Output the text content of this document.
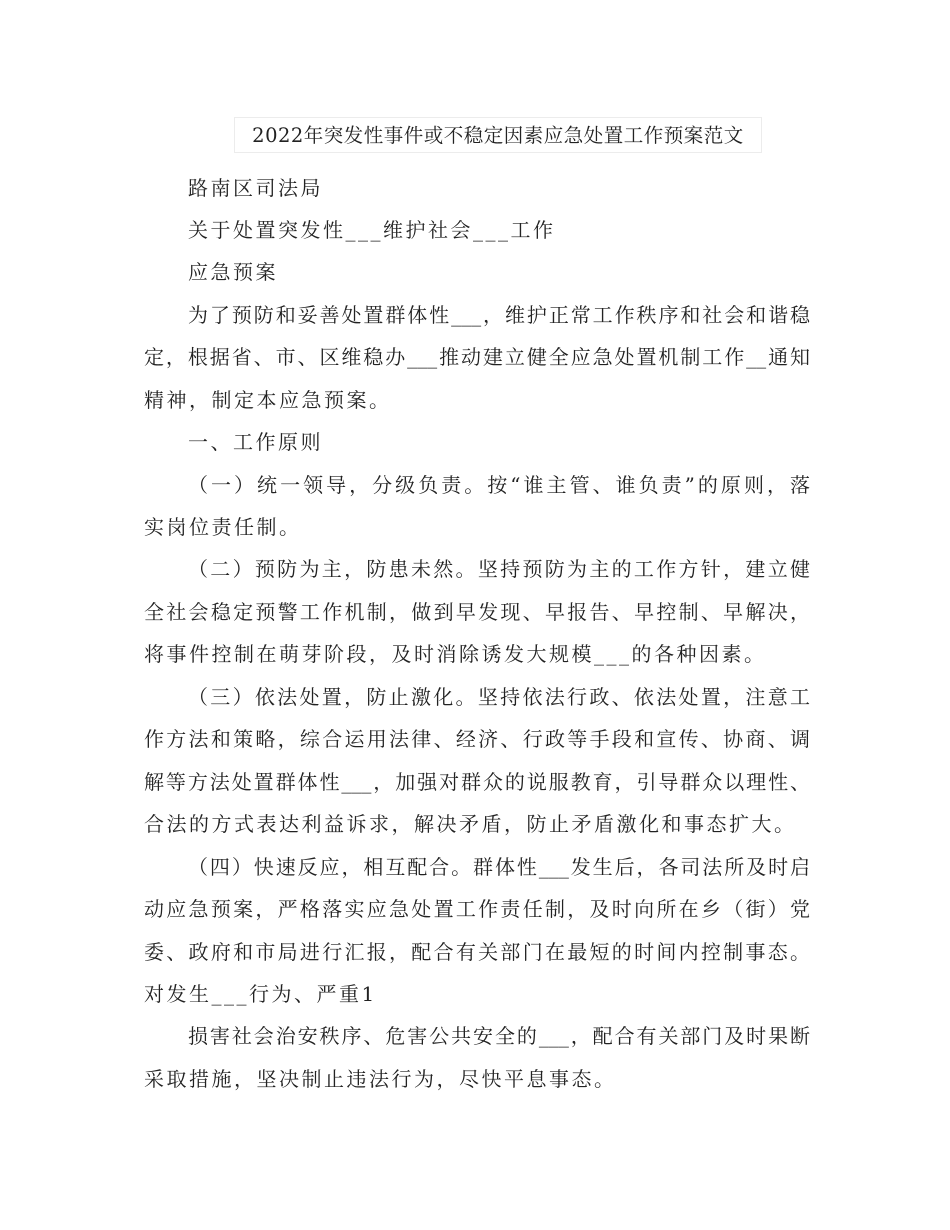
2022年突发性事件或不稳定因素应急处置工作预案范文
路南区司法局
关于处置突发性___维护社会___工作
应急预案
为了预防和妥善处置群体性___，维护正常工作秩序和社会和谐稳
定，根据省、市、区维稳办___推动建立健全应急处置机制工作__通知
精神，制定本应急预案。
一、工作原则
（一）统一领导，分级负责。按“谁主管、谁负责”的原则，落
实岗位责任制。
（二）预防为主，防患未然。坚持预防为主的工作方针，建立健
全社会稳定预警工作机制，做到早发现、早报告、早控制、早解决，
将事件控制在萌芽阶段，及时消除诱发大规模___的各种因素。
（三）依法处置，防止激化。坚持依法行政、依法处置，注意工
作方法和策略，综合运用法律、经济、行政等手段和宣传、协商、调
解等方法处置群体性___，加强对群众的说服教育，引导群众以理性、
合法的方式表达利益诉求，解决矛盾，防止矛盾激化和事态扩大。
（四）快速反应，相互配合。群体性___发生后，各司法所及时启
动应急预案，严格落实应急处置工作责任制，及时向所在乡（街）党
委、政府和市局进行汇报，配合有关部门在最短的时间内控制事态。
对发生___行为、严重1
损害社会治安秩序、危害公共安全的___，配合有关部门及时果断
采取措施，坚决制止违法行为，尽快平息事态。
